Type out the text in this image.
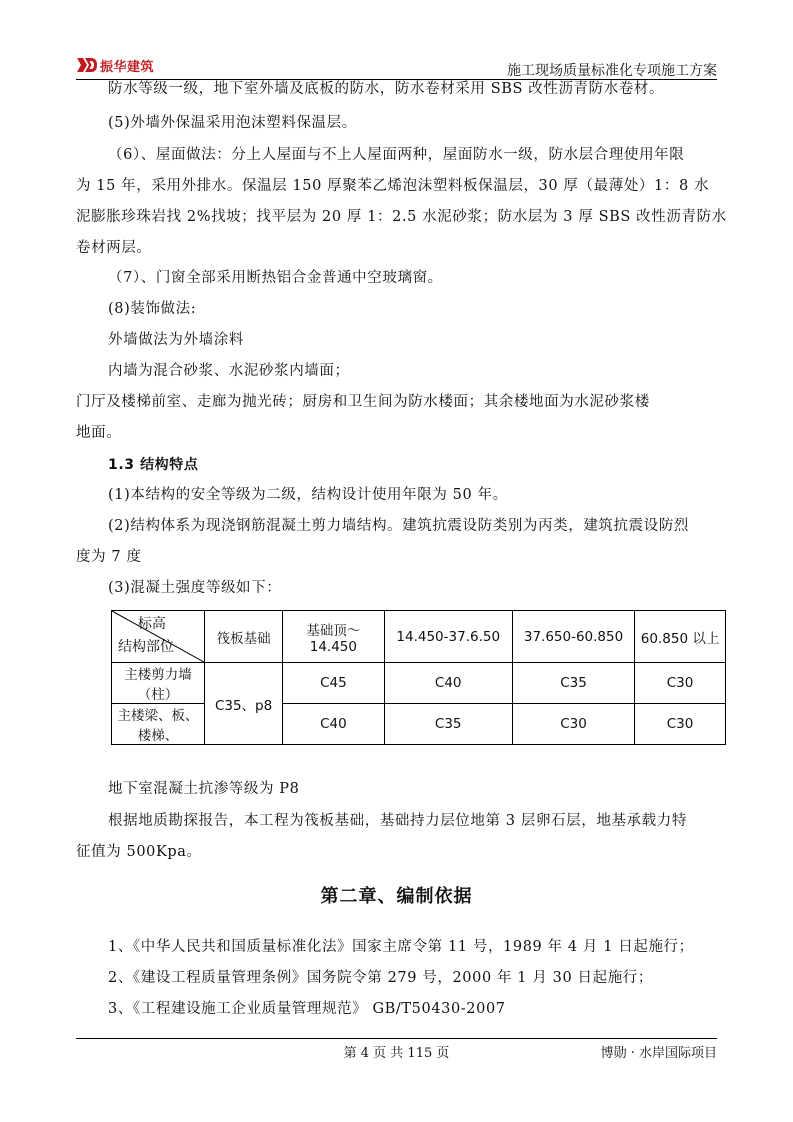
振华建筑	施工现场质量标准化专项施工方案
防水等级一级，地下室外墙及底板的防水，防水卷材采用 SBS 改性沥青防水卷材。
(5)外墙外保温采用泡沫塑料保温层。
（6）、屋面做法：分上人屋面与不上人屋面两种，屋面防水一级，防水层合理使用年限
为 15 年，采用外排水。保温层 150 厚聚苯乙烯泡沫塑料板保温层，30 厚（最薄处）1：8 水
泥膨胀珍珠岩找 2%找坡；找平层为 20 厚 1：2.5 水泥砂浆；防水层为 3 厚 SBS 改性沥青防水
卷材两层。
（7）、门窗全部采用断热铝合金普通中空玻璃窗。
(8)装饰做法:
外墙做法为外墙涂料
内墙为混合砂浆、水泥砂浆内墙面；
门厅及楼梯前室、走廊为抛光砖；厨房和卫生间为防水楼面；其余楼地面为水泥砂浆楼
地面。
1.3 结构特点
(1)本结构的安全等级为二级，结构设计使用年限为 50 年。
(2)结构体系为现浇钢筋混凝土剪力墙结构。建筑抗震设防类别为丙类，建筑抗震设防烈
度为 7 度
(3)混凝土强度等级如下：
标高
结构部位	筏板基础	基础顶～14.450	14.450-37.6.50	37.650-60.850	60.850 以上
主楼剪力墙（柱）	C35、p8	C45	C40	C35	C30
主楼梁、板、楼梯、		C40	C35	C30	C30
地下室混凝土抗渗等级为 P8
根据地质勘探报告，本工程为筏板基础，基础持力层位地第 3 层卵石层，地基承载力特
征值为 500Kpa。
第二章、编制依据
1、《中华人民共和国质量标准化法》国家主席令第 11 号，1989 年 4 月 1 日起施行；
2、《建设工程质量管理条例》国务院令第 279 号，2000 年 1 月 30 日起施行；
3、《工程建设施工企业质量管理规范》 GB/T50430-2007
第 4 页 共 115 页	博勋 · 水岸国际项目
